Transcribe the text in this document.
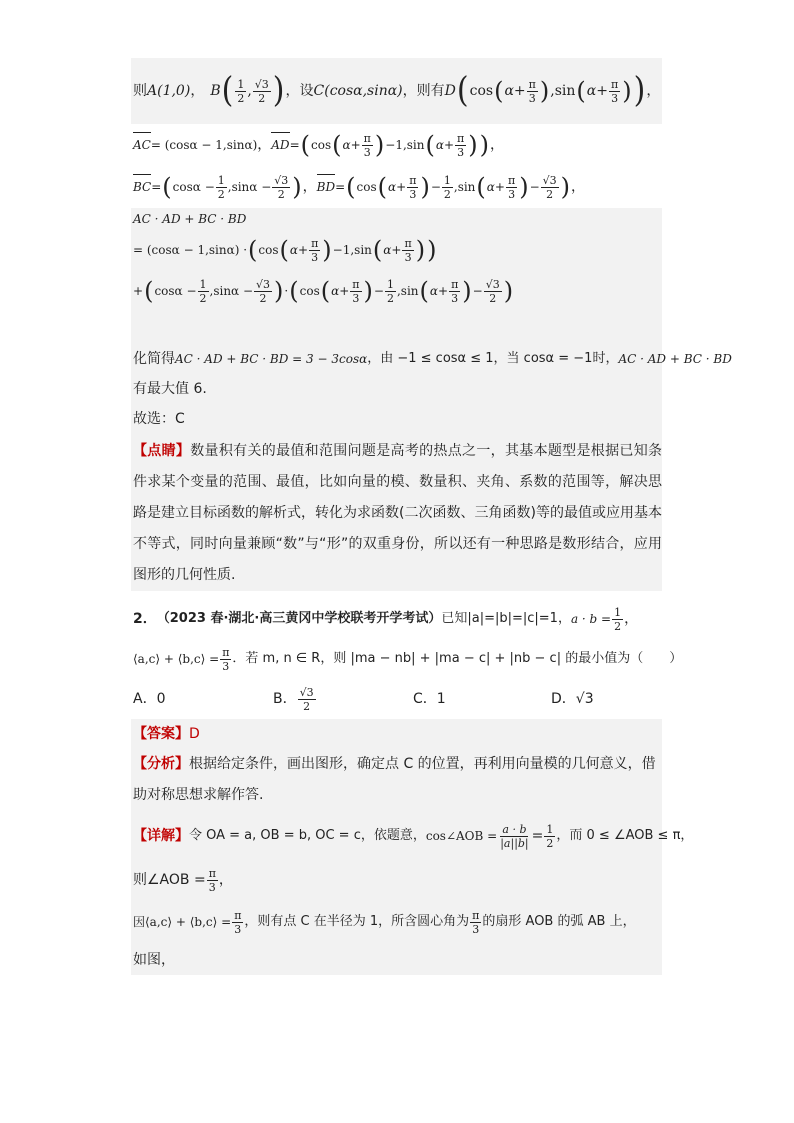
则 A(1,0) ， B ( $\frac{1}{2}$ , $\frac{√3}{2}$ ) ，设 C(cosα,sinα) ，则有 D ( cos ( $\alpha + \frac{\pi}{3}$ ) , sin ( $\alpha + \frac{\pi}{3}$ ) ) ，
AC = (cosα − 1,sinα) ， AD = ( cos ( $\alpha + \frac{\pi}{3}$ ) −1,sin ( $\alpha + \frac{\pi}{3}$ ) ) ，
BC = ( $\cos\alpha - \frac{1}{2} ,\sin\alpha - \frac{√3}{2}$ ) ， BD = ( cos ( $\alpha + \frac{\pi}{3}$ ) − $\frac{1}{2} ,\sin$ ( $\alpha + \frac{\pi}{3}$ ) − $\frac{√3}{2}$ ) ，
AC · AD + BC · BD
= (cosα − 1,sinα) · ( cos ( $\alpha + \frac{\pi}{3}$ ) −1,sin ( $\alpha + \frac{\pi}{3}$ ) )
+ ( $\cos\alpha - \frac{1}{2} ,\sin\alpha - \frac{√3}{2}$ ) · ( cos ( $\alpha + \frac{\pi}{3}$ ) − $\frac{1}{2}$ , sin ( $\alpha + \frac{\pi}{3}$ ) − $\frac{√3}{2}$ )
化简得 AC · AD + BC · BD = 3 − 3cosα ，由 −1 ≤ cosα ≤ 1，当 cosα = −1时， AC · AD + BC · BD
有最大值 6.
故选：C
【点睛】数量积有关的最值和范围问题是高考的热点之一，其基本题型是根据已知条件求某个变量的范围、最值，比如向量的模、数量积、夹角、系数的范围等，解决思路是建立目标函数的解析式，转化为求函数(二次函数、三角函数)等的最值或应用基本不等式，同时向量兼顾“数”与“形”的双重身份，所以还有一种思路是数形结合，应用图形的几何性质.
2． （2023 春·湖北·高三黄冈中学校联考开学考试） 已知|a|=|b|=|c|=1， $a \cdot b = \frac{1}{2}$ ，
⟨a,c⟩ + ⟨b,c⟩ = $\frac{\pi}{3}$ ．若 m, n ∈ R，则 |ma − nb| + |ma − c| + |nb − c| 的最小值为（　　）
A．0	B． $\frac{√3}{2}$	C．1	D．√3
【答案】 D
【分析】根据给定条件，画出图形，确定点 C 的位置，再利用向量模的几何意义，借助对称思想求解作答.
【详解】 令 OA = a, OB = b, OC = c，依题意， cos∠AOB = $\frac{a \cdot b}{|a||b|} = \frac{1}{2}$ ，而 0 ≤ ∠AOB ≤ π，
则∠AOB = $\frac{\pi}{3}$ ，
因⟨a,c⟩ + ⟨b,c⟩ = $\frac{\pi}{3}$ ，则有点 C 在半径为 1，所含圆心角为 $\frac{\pi}{3}$ 的扇形 AOB 的弧 AB 上，
如图，
